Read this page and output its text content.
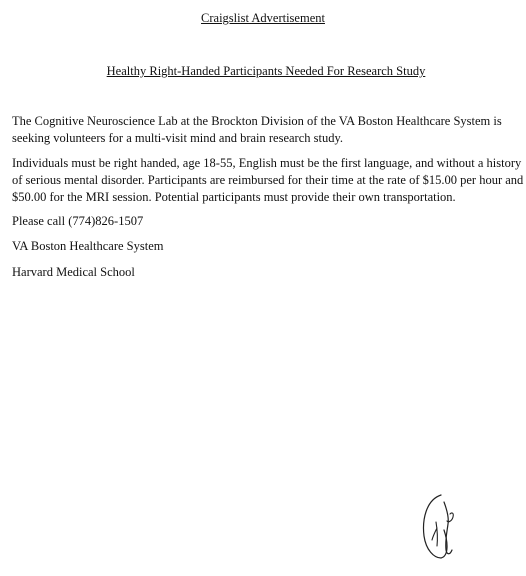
Craigslist Advertisement
Healthy Right-Handed Participants Needed For Research Study

The Cognitive Neuroscience Lab at the Brockton Division of the VA Boston Healthcare System is seeking volunteers for a multi-visit mind and brain research study.

Individuals must be right handed, age 18-55, English must be the first language, and without a history of serious mental disorder. Participants are reimbursed for their time at the rate of $15.00 per hour and $50.00 for the MRI session. Potential participants must provide their own transportation.

Please call (774)826-1507

VA Boston Healthcare System

Harvard Medical School
